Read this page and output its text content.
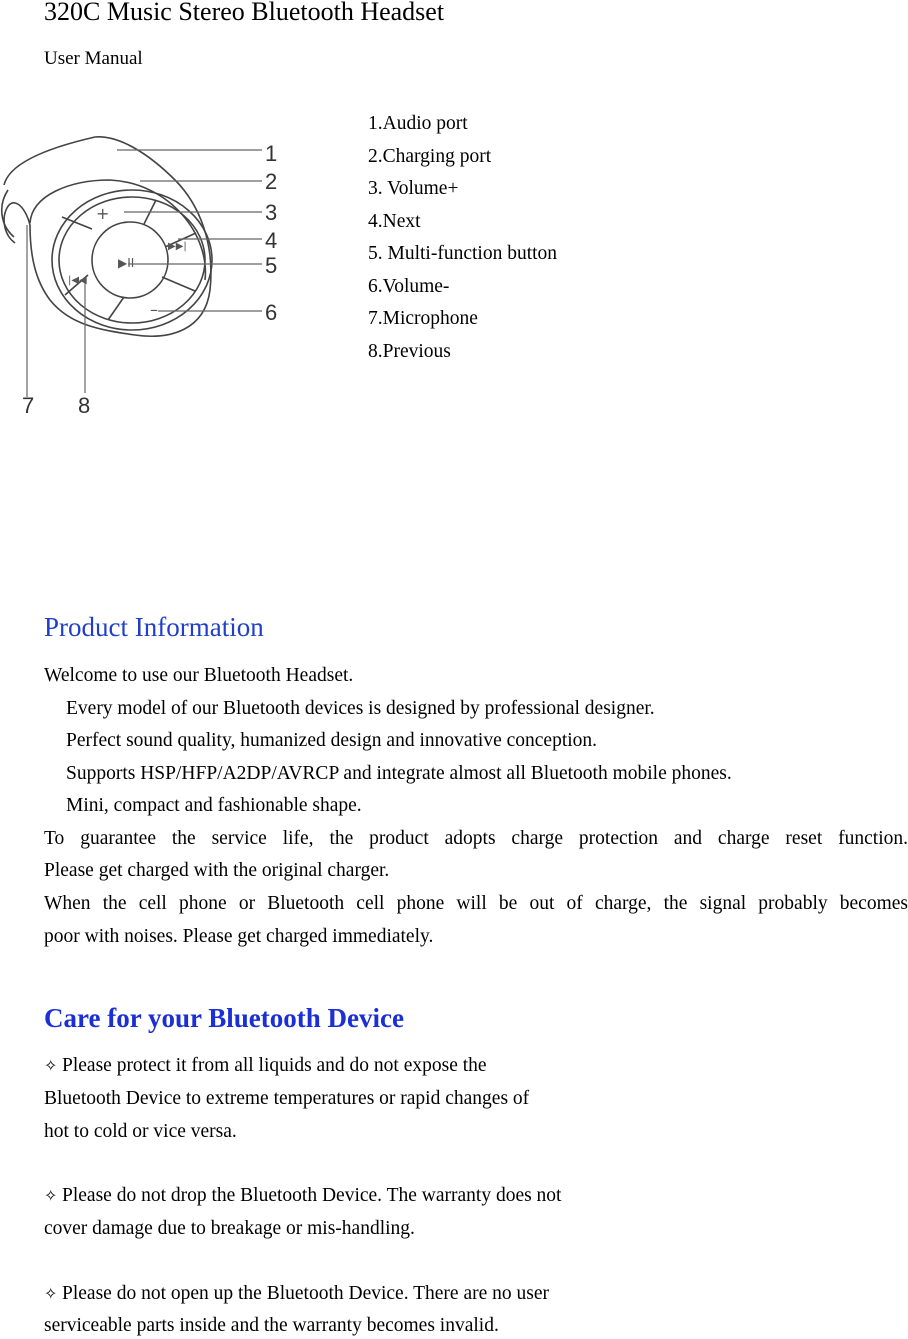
320C Music Stereo Bluetooth Headset
User Manual
+
▶▶|
▶II
–
|◀◀
1
2
3
4
5
6
7 8
1.Audio port
2.Charging port
3. Volume+
4.Next
5. Multi-function button
6.Volume-
7.Microphone
8.Previous
Product Information
Welcome to use our Bluetooth Headset.
Every model of our Bluetooth devices is designed by professional designer.
Perfect sound quality, humanized design and innovative conception.
Supports HSP/HFP/A2DP/AVRCP and integrate almost all Bluetooth mobile phones.
Mini, compact and fashionable shape.
To guarantee the service life, the product adopts charge protection and charge reset function.
Please get charged with the original charger.
When the cell phone or Bluetooth cell phone will be out of charge, the signal probably becomes
poor with noises. Please get charged immediately.
Care for your Bluetooth Device
✧ Please protect it from all liquids and do not expose the
Bluetooth Device to extreme temperatures or rapid changes of
hot to cold or vice versa.
✧ Please do not drop the Bluetooth Device. The warranty does not
cover damage due to breakage or mis-handling.
✧ Please do not open up the Bluetooth Device. There are no user
serviceable parts inside and the warranty becomes invalid.
